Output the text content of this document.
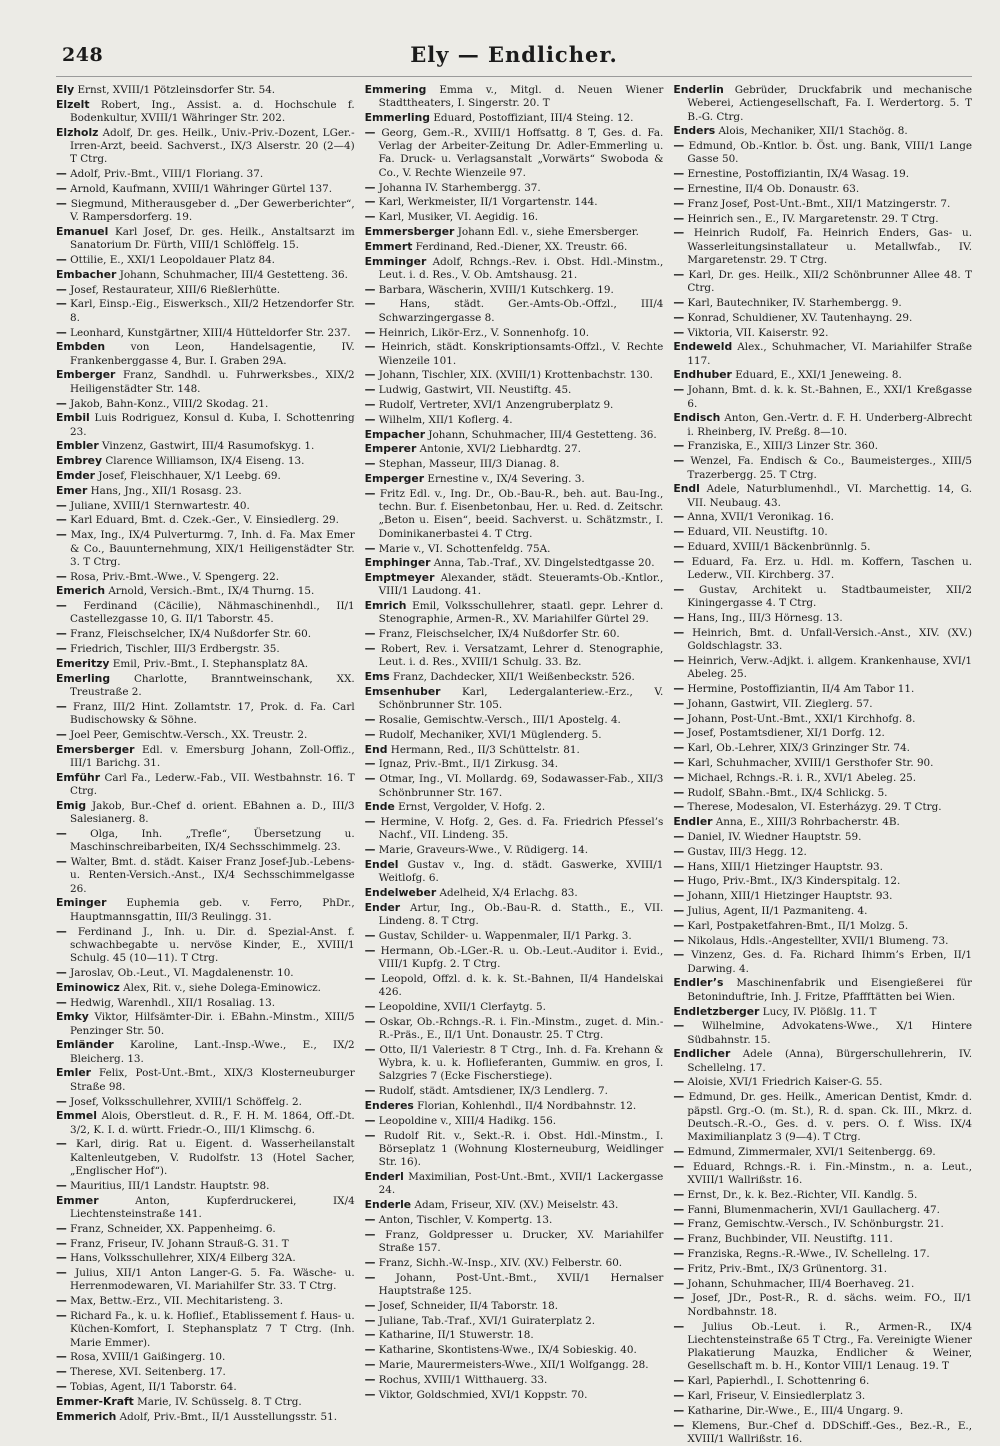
248	Ely — Endlicher.

Ely Ernst, XVIII/1 Pötzleinsdorfer Str. 54.

Elzelt Robert, Ing., Assist. a. d. Hochschule f. Bodenkultur, XVIII/1 Währinger Str. 202.

Elzholz Adolf, Dr. ges. Heilk., Univ.-Priv.-Dozent, LGer.-Irren-Arzt, beeid. Sachverst., IX/3 Alserstr. 20 (2—4) T Ctrg.

— Adolf, Priv.-Bmt., VIII/1 Floriang. 37.

— Arnold, Kaufmann, XVIII/1 Währinger Gürtel 137.

— Siegmund, Mitherausgeber d. „Der Gewerberichter“, V. Rampersdorferg. 19.

Emanuel Karl Josef, Dr. ges. Heilk., Anstaltsarzt im Sanatorium Dr. Fürth, VIII/1 Schlöffelg. 15.

— Ottilie, E., XXI/1 Leopoldauer Platz 84.

Embacher Johann, Schuhmacher, III/4 Gestetteng. 36.

— Josef, Restaurateur, XIII/6 Rießlerhütte.

— Karl, Einsp.-Eig., Eiswerksch., XII/2 Hetzendorfer Str. 8.

— Leonhard, Kunstgärtner, XIII/4 Hütteldorfer Str. 237.

Embden von Leon, Handelsagentie, IV. Frankenberggasse 4, Bur. I. Graben 29A.

Emberger Franz, Sandhdl. u. Fuhrwerksbes., XIX/2 Heiligenstädter Str. 148.

— Jakob, Bahn-Konz., VIII/2 Skodag. 21.

Embil Luis Rodriguez, Konsul d. Kuba, I. Schottenring 23.

Embler Vinzenz, Gastwirt, III/4 Rasumofskyg. 1.

Embrey Clarence Williamson, IX/4 Eiseng. 13.

Emder Josef, Fleischhauer, X/1 Leebg. 69.

Emer Hans, Jng., XII/1 Rosasg. 23.

— Juliane, XVIII/1 Sternwartestr. 40.

— Karl Eduard, Bmt. d. Czek.-Ger., V. Einsiedlerg. 29.

— Max, Ing., IX/4 Pulverturmg. 7, Inh. d. Fa. Max Emer & Co., Bauunternehmung, XIX/1 Heiligenstädter Str. 3. T Ctrg.

— Rosa, Priv.-Bmt.-Wwe., V. Spengerg. 22.

Emerich Arnold, Versich.-Bmt., IX/4 Thurng. 15.

— Ferdinand (Cäcilie), Nähmaschinenhdl., II/1 Castellezgasse 10, G. II/1 Taborstr. 45.

— Franz, Fleischselcher, IX/4 Nußdorfer Str. 60.

— Friedrich, Tischler, III/3 Erdbergstr. 35.

Emeritzy Emil, Priv.-Bmt., I. Stephansplatz 8A.

Emerling Charlotte, Branntweinschank, XX. Treustraße 2.

— Franz, III/2 Hint. Zollamtstr. 17, Prok. d. Fa. Carl Budischowsky & Söhne.

— Joel Peer, Gemischtw.-Versch., XX. Treustr. 2.

Emersberger Edl. v. Emersburg Johann, Zoll-Offiz., III/1 Barichg. 31.

Emführ Carl Fa., Lederw.-Fab., VII. Westbahnstr. 16. T Ctrg.

Emig Jakob, Bur.-Chef d. orient. EBahnen a. D., III/3 Salesianerg. 8.

— Olga, Inh. „Trefle“, Übersetzung u. Maschinschreibarbeiten, IX/4 Sechsschimmelg. 23.

— Walter, Bmt. d. städt. Kaiser Franz Josef-Jub.-Lebens- u. Renten-Versich.-Anst., IX/4 Sechsschimmelgasse 26.

Eminger Euphemia geb. v. Ferro, PhDr., Hauptmannsgattin, III/3 Reulingg. 31.

— Ferdinand J., Inh. u. Dir. d. Spezial-Anst. f. schwachbegabte u. nervöse Kinder, E., XVIII/1 Schulg. 45 (10—11). T Ctrg.

— Jaroslav, Ob.-Leut., VI. Magdalenenstr. 10.

Eminowicz Alex, Rit. v., siehe Dolega-Eminowicz.

— Hedwig, Warenhdl., XII/1 Rosaliag. 13.

Emky Viktor, Hilfsämter-Dir. i. EBahn.-Minstm., XIII/5 Penzinger Str. 50.

Emländer Karoline, Lant.-Insp.-Wwe., E., IX/2 Bleicherg. 13.

Emler Felix, Post-Unt.-Bmt., XIX/3 Klosterneuburger Straße 98.

— Josef, Volksschullehrer, XVIII/1 Schöffelg. 2.

Emmel Alois, Oberstleut. d. R., F. H. M. 1864, Off.-Dt. 3/2, K. I. d. württ. Friedr.-O., III/1 Klimschg. 6.

— Karl, dirig. Rat u. Eigent. d. Wasserheilanstalt Kaltenleutgeben, V. Rudolfstr. 13 (Hotel Sacher, „Englischer Hof“).

— Mauritius, III/1 Landstr. Hauptstr. 98.

Emmer	Anton, Kupferdruckerei, IX/4 Liechtensteinstraße 141.

— Franz, Schneider, XX. Pappenheimg. 6.

— Franz, Friseur, IV. Johann Strauß-G. 31. T

— Hans, Volksschullehrer, XIX/4 Eilberg 32A.

— Julius, XII/1 Anton Langer-G. 5. Fa. Wäsche- u. Herrenmodewaren, VI. Mariahilfer Str. 33. T Ctrg.

— Max, Bettw.-Erz., VII. Mechitaristeng. 3.

— Richard Fa., k. u. k. Hoflief., Etablissement f. Haus- u. Küchen-Komfort, I. Stephansplatz 7 T Ctrg. (Inh. Marie Emmer).

— Rosa, XVIII/1 Gaißingerg. 10.

— Therese, XVI. Seitenberg. 17.

— Tobias, Agent, II/1 Taborstr. 64.

Emmer-Kraft Marie, IV. Schüsselg. 8. T Ctrg.

Emmerich Adolf, Priv.-Bmt., II/1 Ausstellungsstr. 51.

Emmering Emma v., Mitgl. d. Neuen Wiener Stadttheaters, I. Singerstr. 20. T

Emmerling Eduard, Postoffiziant, III/4 Steing. 12.

— Georg, Gem.-R., XVIII/1 Hoffsattg. 8 T, Ges. d. Fa. Verlag der Arbeiter-Zeitung Dr. Adler-Emmerling u. Fa. Druck- u. Verlagsanstalt „Vorwärts“ Swoboda & Co., V. Rechte Wienzeile 97.

— Johanna IV. Starhembergg. 37.

— Karl, Werkmeister, II/1 Vorgartenstr. 144.

— Karl, Musiker, VI. Aegidig. 16.

Emmersberger Johann Edl. v., siehe Emersberger.

Emmert Ferdinand, Red.-Diener, XX. Treustr. 66.

Emminger Adolf, Rchngs.-Rev. i. Obst. Hdl.-Minstm., Leut. i. d. Res., V. Ob. Amtshausg. 21.

— Barbara, Wäscherin, XVIII/1 Kutschkerg. 19.

— Hans, städt. Ger.-Amts-Ob.-Offzl., III/4 Schwarzingergasse 8.

— Heinrich, Likör-Erz., V. Sonnenhofg. 10.

— Heinrich, städt. Konskriptionsamts-Offzl., V. Rechte Wienzeile 101.

— Johann, Tischler, XIX. (XVIII/1) Krottenbachstr. 130.

— Ludwig, Gastwirt, VII. Neustiftg. 45.

— Rudolf, Vertreter, XVI/1 Anzengruberplatz 9.

— Wilhelm, XII/1 Koflerg. 4.

Empacher Johann, Schuhmacher, III/4 Gestetteng. 36.

Emperer Antonie, XVI/2 Liebhardtg. 27.

— Stephan, Masseur, III/3 Dianag. 8.

Emperger Ernestine v., IX/4 Severing. 3.

— Fritz Edl. v., Ing. Dr., Ob.-Bau-R., beh. aut. Bau-Ing., techn. Bur. f. Eisenbetonbau, Her. u. Red. d. Zeitschr. „Beton u. Eisen“, beeid. Sachverst. u. Schätzmstr., I. Dominikanerbastei 4. T Ctrg.

— Marie v., VI. Schottenfeldg. 75A.

Emphinger Anna, Tab.-Traf., XV. Dingelstedtgasse 20.

Emptmeyer Alexander, städt. Steueramts-Ob.-Kntlor., VIII/1 Laudong. 41.

Emrich Emil, Volksschullehrer, staatl. gepr. Lehrer d. Stenographie, Armen-R., XV. Mariahilfer Gürtel 29.

— Franz, Fleischselcher, IX/4 Nußdorfer Str. 60.

— Robert, Rev. i. Versatzamt, Lehrer d. Stenographie, Leut. i. d. Res., XVIII/1 Schulg. 33. Bz.

Ems Franz, Dachdecker, XII/1 Weißenbeckstr. 526.

Emsenhuber Karl, Ledergalanteriew.-Erz., V. Schönbrunner Str. 105.

— Rosalie, Gemischtw.-Versch., III/1 Apostelg. 4.

— Rudolf, Mechaniker, XVI/1 Müglenderg. 5.

End Hermann, Red., II/3 Schüttelstr. 81.

— Ignaz, Priv.-Bmt., II/1 Zirkusg. 34.

— Otmar, Ing., VI. Mollardg. 69, Sodawasser-Fab., XII/3 Schönbrunner Str. 167.

Ende Ernst, Vergolder, V. Hofg. 2.

— Hermine, V. Hofg. 2, Ges. d. Fa. Friedrich Pfessel’s Nachf., VII. Lindeng. 35.

— Marie, Graveurs-Wwe., V. Rüdigerg. 14.

Endel Gustav v., Ing. d. städt. Gaswerke, XVIII/1 Weitlofg. 6.

Endelweber Adelheid, X/4 Erlachg. 83.

Ender Artur, Ing., Ob.-Bau-R. d. Statth., E., VII. Lindeng. 8. T Ctrg.

— Gustav, Schilder- u. Wappenmaler, II/1 Parkg. 3.

— Hermann, Ob.-LGer.-R. u. Ob.-Leut.-Auditor i. Evid., VIII/1 Kupfg. 2. T Ctrg.

— Leopold, Offzl. d. k. k. St.-Bahnen, II/4 Handelskai 426.

— Leopoldine, XVII/1 Clerfaytg. 5.

— Oskar, Ob.-Rchngs.-R. i. Fin.-Minstm., zuget. d. Min.-R.-Präs., E., II/1 Unt. Donaustr. 25. T Ctrg.

— Otto, II/1 Valeriestr. 8 T Ctrg., Inh. d. Fa. Krehann & Wybra, k. u. k. Hoflieferanten, Gummiw. en gros, I. Salzgries 7 (Ecke Fischerstiege).

— Rudolf, städt. Amtsdiener, IX/3 Lendlerg. 7.

Enderes Florian, Kohlenhdl., II/4 Nordbahnstr. 12.

— Leopoldine v., XIII/4 Hadikg. 156.

— Rudolf Rit. v., Sekt.-R. i. Obst. Hdl.-Minstm., I. Börseplatz 1 (Wohnung Klosterneuburg, Weidlinger Str. 16).

Enderl Maximilian, Post-Unt.-Bmt., XVII/1 Lackergasse 24.

Enderle Adam, Friseur, XIV. (XV.) Meiselstr. 43.

— Anton, Tischler, V. Kompertg. 13.

— Franz, Goldpresser u. Drucker, XV. Mariahilfer Straße 157.

— Franz, Sichh.-W.-Insp., XIV. (XV.) Felberstr. 60.

— Johann, Post-Unt.-Bmt., XVII/1 Hernalser Hauptstraße 125.

— Josef, Schneider, II/4 Taborstr. 18.

— Juliane, Tab.-Traf., XVI/1 Guiraterplatz 2.

— Katharine, II/1 Stuwerstr. 18.

— Katharine, Skontistens-Wwe., IX/4 Sobieskig. 40.

— Marie, Maurermeisters-Wwe., XII/1 Wolfgangg. 28.

— Rochus, XVIII/1 Witthauerg. 33.

— Viktor, Goldschmied, XVI/1 Koppstr. 70.

Enderlin Gebrüder, Druckfabrik und mechanische Weberei, Actiengesellschaft, Fa. I. Werdertorg. 5. T B.-G. Ctrg.

Enders Alois, Mechaniker, XII/1 Stachög. 8.

— Edmund, Ob.-Kntlor. b. Öst. ung. Bank, VIII/1 Lange Gasse 50.

— Ernestine, Postoffiziantin, IX/4 Wasag. 19.

— Ernestine, II/4 Ob. Donaustr. 63.

— Franz Josef, Post-Unt.-Bmt., XII/1 Matzingerstr. 7.

— Heinrich sen., E., IV. Margaretenstr. 29. T Ctrg.

— Heinrich Rudolf, Fa. Heinrich Enders, Gas- u. Wasserleitungsinstallateur u. Metallwfab., IV. Margaretenstr. 29. T Ctrg.

— Karl, Dr. ges. Heilk., XII/2 Schönbrunner Allee 48. T Ctrg.

— Karl, Bautechniker, IV. Starhembergg. 9.

— Konrad, Schuldiener, XV. Tautenhayng. 29.

— Viktoria, VII. Kaiserstr. 92.

Endeweld Alex., Schuhmacher, VI. Mariahilfer Straße 117.

Endhuber Eduard, E., XXI/1 Jeneweing. 8.

— Johann, Bmt. d. k. k. St.-Bahnen, E., XXI/1 Kreßgasse 6.

Endisch Anton, Gen.-Vertr. d. F. H. Underberg-Albrecht i. Rheinberg, IV. Preßg. 8—10.

— Franziska, E., XIII/3 Linzer Str. 360.

— Wenzel, Fa. Endisch & Co., Baumeisterges., XIII/5 Trazerbergg. 25. T Ctrg.

Endl Adele, Naturblumenhdl., VI. Marchettig. 14, G. VII. Neubaug. 43.

— Anna, XVII/1 Veronikag. 16.

— Eduard, VII. Neustiftg. 10.

— Eduard, XVIII/1 Bäckenbrünnlg. 5.

— Eduard, Fa. Erz. u. Hdl. m. Koffern, Taschen u. Lederw., VII. Kirchberg. 37.

— Gustav, Architekt u. Stadtbaumeister, XII/2 Kiningergasse 4. T Ctrg.

— Hans, Ing., III/3 Hörnesg. 13.

— Heinrich, Bmt. d. Unfall-Versich.-Anst., XIV. (XV.) Goldschlagstr. 33.

— Heinrich, Verw.-Adjkt. i. allgem. Krankenhause, XVI/1 Abeleg. 25.

— Hermine, Postoffiziantin, II/4 Am Tabor 11.

— Johann, Gastwirt, VII. Zieglerg. 57.

— Johann, Post-Unt.-Bmt., XXI/1 Kirchhofg. 8.

— Josef, Postamtsdiener, XI/1 Dorfg. 12.

— Karl, Ob.-Lehrer, XIX/3 Grinzinger Str. 74.

— Karl, Schuhmacher, XVIII/1 Gersthofer Str. 90.

— Michael, Rchngs.-R. i. R., XVI/1 Abeleg. 25.

— Rudolf, SBahn.-Bmt., IX/4 Schlickg. 5.

— Therese, Modesalon, VI. Esterházyg. 29. T Ctrg.

Endler Anna, E., XIII/3 Rohrbacherstr. 4B.

— Daniel, IV. Wiedner Hauptstr. 59.

— Gustav, III/3 Hegg. 12.

— Hans, XIII/1 Hietzinger Hauptstr. 93.

— Hugo, Priv.-Bmt., IX/3 Kinderspitalg. 12.

— Johann, XIII/1 Hietzinger Hauptstr. 93.

— Julius, Agent, II/1 Pazmaniteng. 4.

— Karl, Postpaketfahren-Bmt., II/1 Molzg. 5.

— Nikolaus, Hdls.-Angestellter, XVII/1 Blumeng. 73.

— Vinzenz, Ges. d. Fa. Richard Ihimm’s Erben, II/1 Darwing. 4.

Endler’s Maschinenfabrik und Eisengießerei für Betoninduftrie, Inh. J. Fritze, Pfaffftätten bei Wien.

Endletzberger Lucy, IV. Plößlg. 11. T

— Wilhelmine, Advokatens-Wwe., X/1 Hintere Südbahnstr. 15.

Endlicher Adele (Anna), Bürgerschullehrerin, IV. Schellelng. 17.

— Aloisie, XVI/1 Friedrich Kaiser-G. 55.

— Edmund, Dr. ges. Heilk., American Dentist, Kmdr. d. päpstl. Grg.-O. (m. St.), R. d. span. Ck. III., Mkrz. d. Deutsch.-R.-O., Ges. d. v. pers. O. f. Wiss. IX/4 Maximilianplatz 3 (9—4). T Ctrg.

— Edmund, Zimmermaler, XVI/1 Seitenbergg. 69.

— Eduard, Rchngs.-R. i. Fin.-Minstm., n. a. Leut., XVIII/1 Wallrißstr. 16.

— Ernst, Dr., k. k. Bez.-Richter, VII. Kandlg. 5.

— Fanni, Blumenmacherin, XVI/1 Gaullacherg. 47.

— Franz, Gemischtw.-Versch., IV. Schönburgstr. 21.

— Franz, Buchbinder, VII. Neustiftg. 111.

— Franziska, Regns.-R.-Wwe., IV. Schellelng. 17.

— Fritz, Priv.-Bmt., IX/3 Grünentorg. 31.

— Johann, Schuhmacher, III/4 Boerhaveg. 21.

— Josef, JDr., Post-R., R. d. sächs. weim. FO., II/1 Nordbahnstr. 18.

— Julius Ob.-Leut. i. R., Armen-R., IX/4 Liechtensteinstraße 65 T Ctrg., Fa. Vereinigte Wiener Plakatierung Mauzka, Endlicher & Weiner, Gesellschaft m. b. H., Kontor VIII/1 Lenaug. 19. T

— Karl, Papierhdl., I. Schottenring 6.

— Karl, Friseur, V. Einsiedlerplatz 3.

— Katharine, Dir.-Wwe., E., III/4 Ungarg. 9.

— Klemens, Bur.-Chef d. DDSchiff.-Ges., Bez.-R., E., XVIII/1 Wallrißstr. 16.
